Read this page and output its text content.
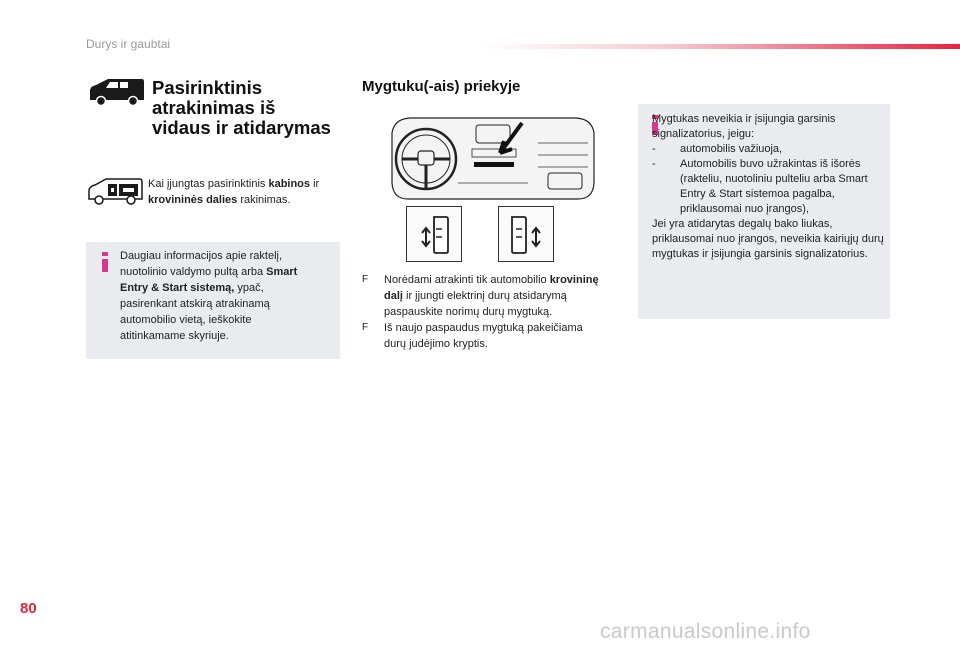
Durys ir gaubtai
Pasirinktinis
atrakinimas iš
vidaus ir atidarymas
Kai įjungtas pasirinktinis kabinos ir krovininės dalies rakinimas.
Daugiau informacijos apie raktelį,
nuotolinio valdymo pultą arba Smart
Entry & Start sistemą, ypač,
pasirenkant atskirą atrakinamą
automobilio vietą, ieškokite
atitinkamame skyriuje.
Mygtuku(-ais) priekyje
F	Norėdami atrakinti tik automobilio krovininę dalį ir įjungti elektrinį durų atsidarymą paspauskite norimų durų mygtuką.
F	Iš naujo paspaudus mygtuką pakeičiama durų judėjimo kryptis.
Mygtukas neveikia ir įsijungia garsinis signalizatorius, jeigu:
-	automobilis važiuoja,
-	Automobilis buvo užrakintas iš išorės (rakteliu, nuotoliniu pulteliu arba Smart Entry & Start sistemoa pagalba, priklausomai nuo įrangos),
Jei yra atidarytas degalų bako liukas, priklausomai nuo įrangos, neveikia kairiųjų durų mygtukas ir įsijungia garsinis signalizatorius.
80
carmanualsonline.info
